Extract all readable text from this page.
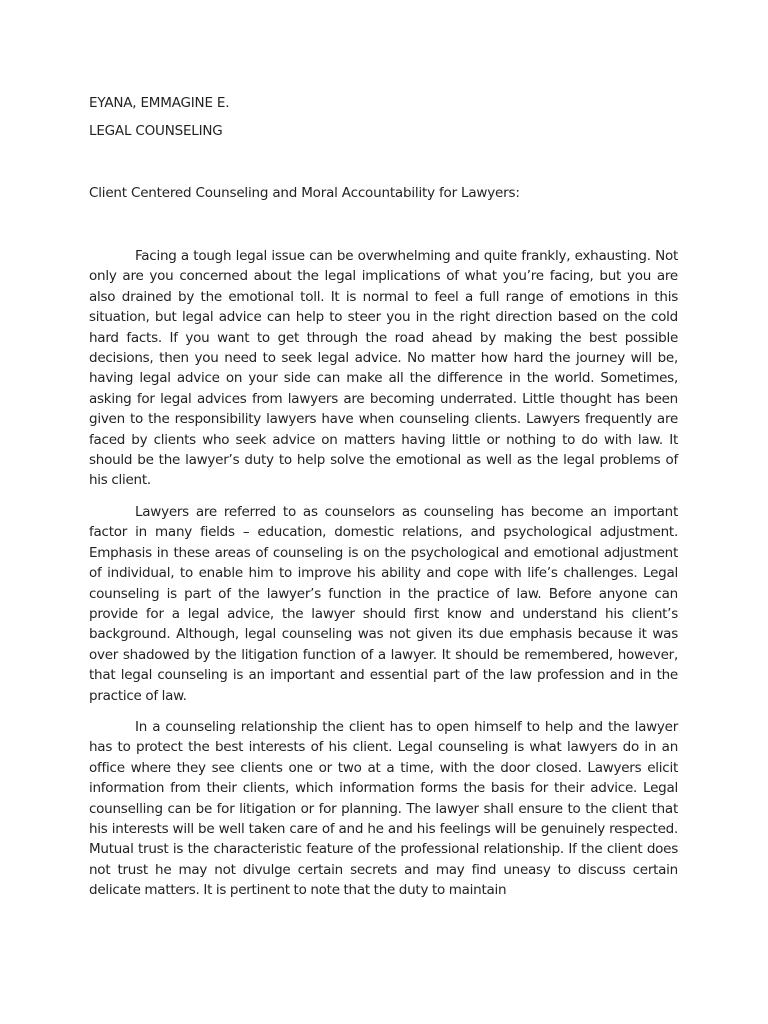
EYANA, EMMAGINE E.
LEGAL COUNSELING
Client Centered Counseling and Moral Accountability for Lawyers:

Facing a tough legal issue can be overwhelming and quite frankly, exhausting. Not only are you concerned about the legal implications of what you’re facing, but you are also drained by the emotional toll. It is normal to feel a full range of emotions in this situation, but legal advice can help to steer you in the right direction based on the cold hard facts. If you want to get through the road ahead by making the best possible decisions, then you need to seek legal advice. No matter how hard the journey will be, having legal advice on your side can make all the difference in the world. Sometimes, asking for legal advices from lawyers are becoming underrated. Little thought has been given to the responsibility lawyers have when counseling clients. Lawyers frequently are faced by clients who seek advice on matters having little or nothing to do with law. It should be the lawyer’s duty to help solve the emotional as well as the legal problems of his client.

Lawyers are referred to as counselors as counseling has become an important factor in many fields – education, domestic relations, and psychological adjustment. Emphasis in these areas of counseling is on the psychological and emotional adjustment of individual, to enable him to improve his ability and cope with life’s challenges. Legal counseling is part of the lawyer’s function in the practice of law. Before anyone can provide for a legal advice, the lawyer should first know and understand his client’s background. Although, legal counseling was not given its due emphasis because it was over shadowed by the litigation function of a lawyer. It should be remembered, however, that legal counseling is an important and essential part of the law profession and in the practice of law.

In a counseling relationship the client has to open himself to help and the lawyer has to protect the best interests of his client. Legal counseling is what lawyers do in an office where they see clients one or two at a time, with the door closed. Lawyers elicit information from their clients, which information forms the basis for their advice. Legal counselling can be for litigation or for planning. The lawyer shall ensure to the client that his interests will be well taken care of and he and his feelings will be genuinely respected. Mutual trust is the characteristic feature of the professional relationship. If the client does not trust he may not divulge certain secrets and may find uneasy to discuss certain delicate matters. It is pertinent to note that the duty to maintain
